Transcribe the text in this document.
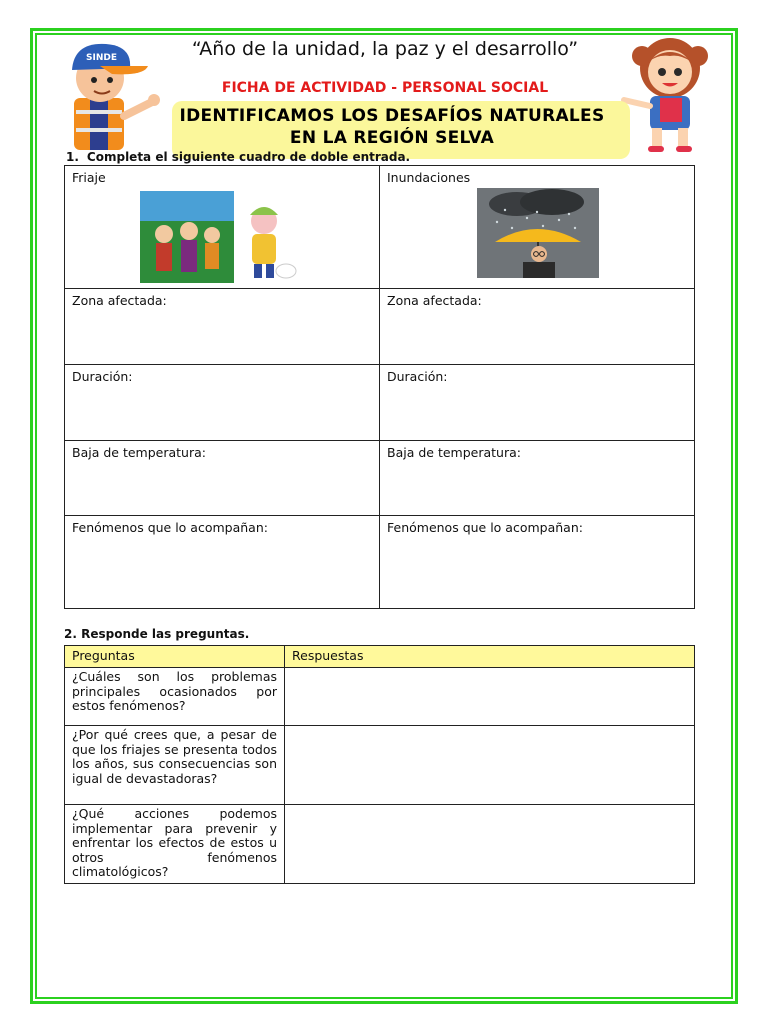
SINDE	“Año de la unidad, la paz y el desarrollo”
FICHA DE ACTIVIDAD - PERSONAL SOCIAL
IDENTIFICAMOS LOS DESAFÍOS NATURALES
EN LA REGIÓN SELVA
1. Completa el siguiente cuadro de doble entrada.
Friaje	Inundaciones

Zona afectada:	Zona afectada:
Duración:	Duración:
Baja de temperatura:	Baja de temperatura:
Fenómenos que lo acompañan:	Fenómenos que lo acompañan:
2. Responde las preguntas.
Preguntas	Respuestas
¿Cuáles son los problemas principales ocasionados por estos fenómenos?	
¿Por qué crees que, a pesar de que los friajes se presenta todos los años, sus consecuencias son igual de devastadoras?	
¿Qué acciones podemos implementar para prevenir y enfrentar los efectos de estos u otros fenómenos climatológicos?	
